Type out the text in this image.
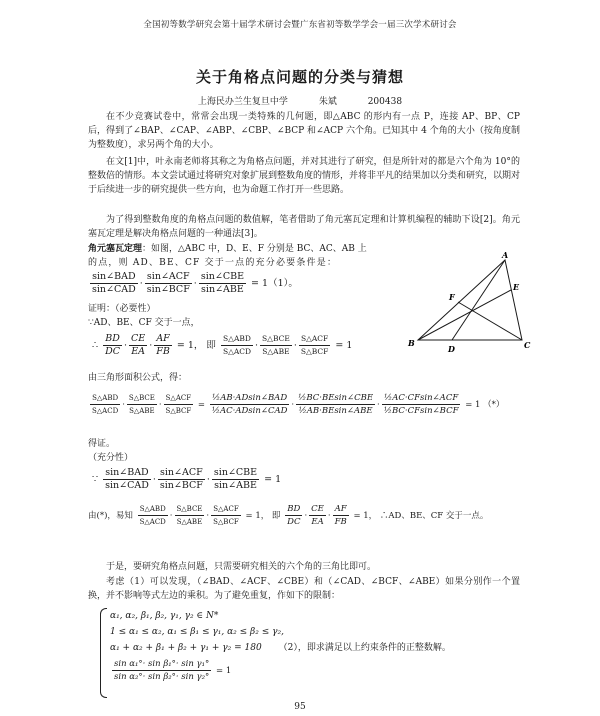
全国初等数学研究会第十届学术研讨会暨广东省初等数学学会一届三次学术研讨会
关于角格点问题的分类与猜想
上海民办兰生复旦中学	朱斌	200438
在不少竞赛试卷中，常常会出现一类特殊的几何题，即△ABC 的形内有一点 P，连接 AP、BP、CP 后，得到了∠BAP、∠CAP、∠ABP、∠CBP、∠BCP 和∠ACP 六个角。已知其中 4 个角的大小（按角度制为整数度），求另两个角的大小。
在文[1]中，叶永南老师将其称之为角格点问题，并对其进行了研究，但是所针对的都是六个角为 10°的整数倍的情形。本文尝试通过将研究对象扩展到整数角度的情形，并将非平凡的结果加以分类和研究，以期对于后续进一步的研究提供一些方向，也为命题工作打开一些思路。
为了得到整数角度的角格点问题的数值解，笔者借助了角元塞瓦定理和计算机编程的辅助下设[2]。角元塞瓦定理是解决角格点问题的一种通法[3]。
角元塞瓦定理：如图，△ABC 中，D、E、F 分别是 BC、AC、AB 上
的点，则 AD、BE、CF 交于一点的充分必要条件是：
$\frac{\text{sin∠BAD}}{\text{sin∠CAD}} \cdot \frac{\text{sin∠ACF}}{\text{sin∠BCF}} \cdot \frac{\text{sin∠CBE}}{\text{sin∠ABE}} = 1(1)$。
证明：（必要性）
∵AD、BE、CF 交于一点，
∴ $\frac{BD}{DC} \cdot \frac{CE}{EA} \cdot \frac{AF}{FB} = 1$， 即 $\frac{\text{S△ABD}}{\text{S△ACD}} \cdot \frac{\text{S△BCE}}{\text{S△ABE}} \cdot \frac{\text{S△ACF}}{\text{S△BCF}} = 1$
由三角形面积公式，得：
$\frac{\text{S△ABD}}{\text{S△ACD}} \cdot \frac{\text{S△BCE}}{\text{S△ABE}} \cdot \frac{\text{S△ACF}}{\text{S△BCF}} = \frac{\text{½AB·ADsin∠BAD}}{\text{½AC·ADsin∠CAD}} \cdot \frac{\text{½BC·BEsin∠CBE}}{\text{½AB·BEsin∠ABE}} \cdot \frac{\text{½AC·CFsin∠ACF}}{\text{½BC·CFsin∠BCF}} = 1$ （*）
得证。
（充分性）
∵ $\frac{\text{sin∠BAD}}{\text{sin∠CAD}} \cdot \frac{\text{sin∠ACF}}{\text{sin∠BCF}} \cdot \frac{\text{sin∠CBE}}{\text{sin∠ABE}} = 1$
由(*)，易知 $\frac{\text{S△ABD}}{\text{S△ACD}} \cdot \frac{\text{S△BCE}}{\text{S△ABE}} \cdot \frac{\text{S△ACF}}{\text{S△BCF}} = 1$， 即 $\frac{BD}{DC} \cdot \frac{CE}{EA} \cdot \frac{AF}{FB} = 1$， ∴AD、BE、CF 交于一点。
于是，要研究角格点问题，只需要研究相关的六个角的三角比即可。
考虑（1）可以发现，（∠BAD、∠ACF、∠CBE）和（∠CAD、∠BCF、∠ABE）如果分别作一个置换，并不影响等式左边的乘积。为了避免重复，作如下的限制：
α₁, α₂, β₁, β₂, γ₁, γ₂ ∈ N*
1 ≤ α₁ ≤ α₂, α₁ ≤ β₁ ≤ γ₁, α₂ ≤ β₂ ≤ γ₂,
α₁ + α₂ + β₁ + β₂ + γ₁ + γ₂ = 180 （2），即求满足以上约束条件的正整数解。
$\frac{\text{sin α₁°· sin β₁°· sin γ₁°}}{\text{sin α₂°· sin β₂°· sin γ₂°}} = 1$
A
B	C
D
E
F
95
